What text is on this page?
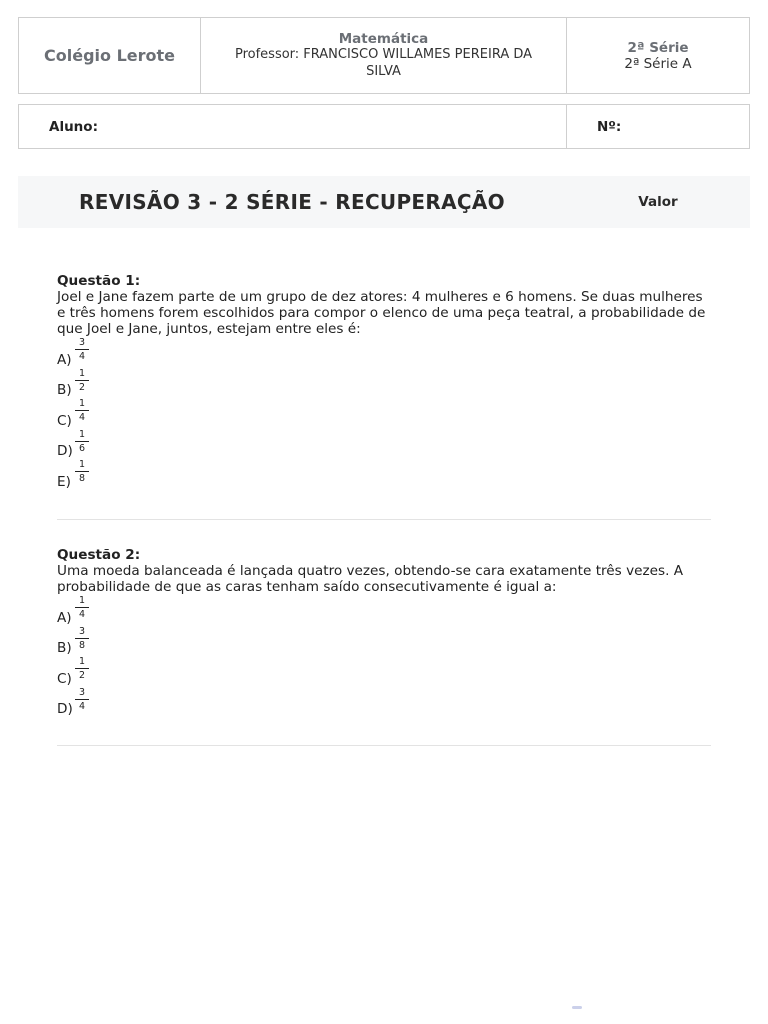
Colégio Lerote
Matemática
Professor: FRANCISCO WILLAMES PEREIRA DA SILVA
2ª Série
2ª Série A
Aluno:	Nº:
REVISÃO 3 - 2 SÉRIE - RECUPERAÇÃO	Valor
Questão 1:
Joel e Jane fazem parte de um grupo de dez atores: 4 mulheres e 6 homens. Se duas mulheres e três homens forem escolhidos para compor o elenco de uma peça teatral, a probabilidade de que Joel e Jane, juntos, estejam entre eles é:
$A) \frac{3}{4}$
$B) \frac{1}{2}$
$C) \frac{1}{4}$
$D) \frac{1}{6}$
$E) \frac{1}{8}$
Questão 2:
Uma moeda balanceada é lançada quatro vezes, obtendo-se cara exatamente três vezes. A probabilidade de que as caras tenham saído consecutivamente é igual a:
$A) \frac{1}{4}$
$B) \frac{3}{8}$
$C) \frac{1}{2}$
$D) \frac{3}{4}$
